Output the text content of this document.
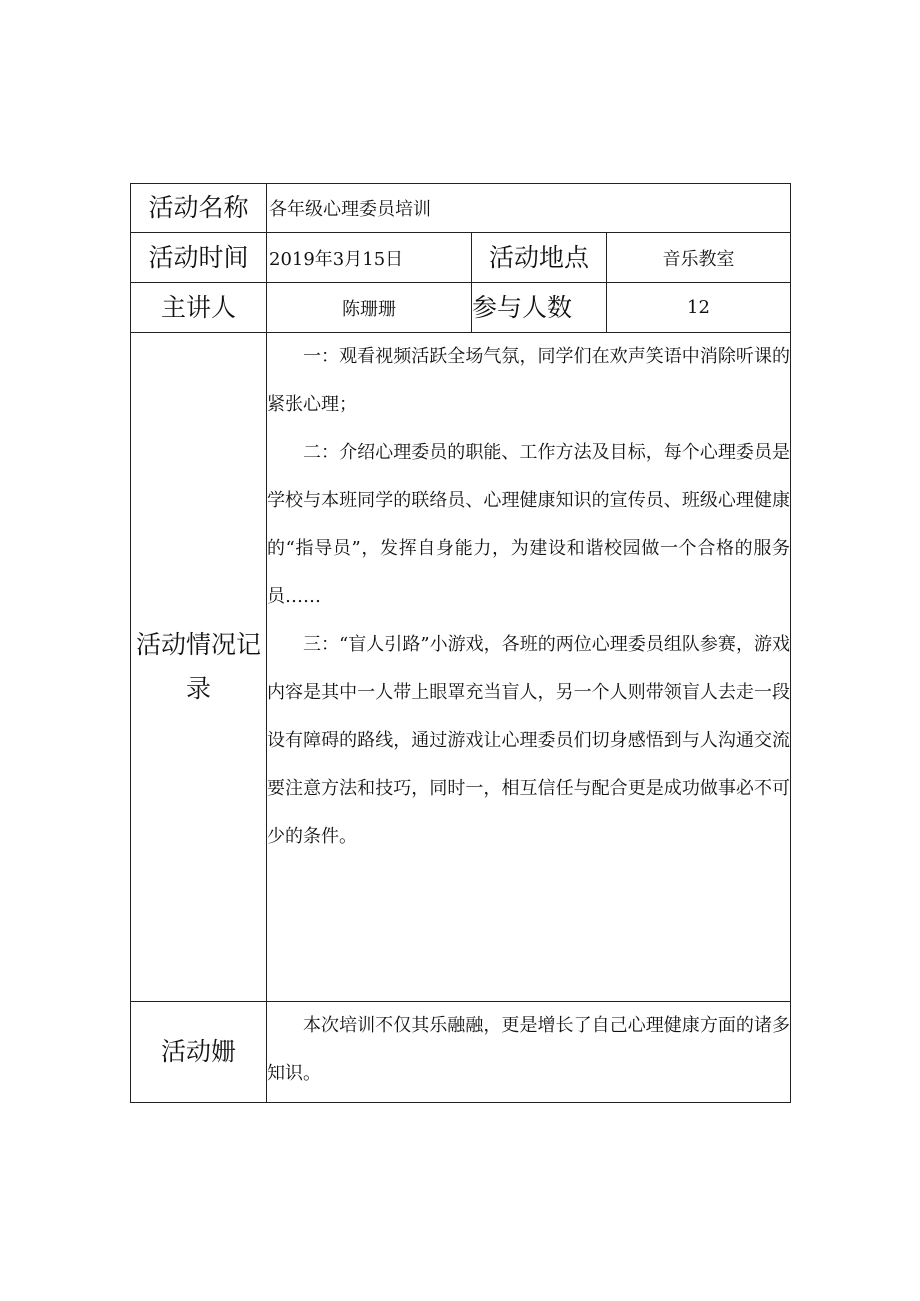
活动名称	各年级心理委员培训		
活动时间	2019年3月15日	活动地点	音乐教室
主讲人	陈珊珊	参与人数	12
活动情况记录	一：观看视频活跃全场气氛，同学们在欢声笑语中消除听课的紧张心理；

二：介绍心理委员的职能、工作方法及目标，每个心理委员是学校与本班同学的联络员、心理健康知识的宣传员、班级心理健康的“指导员”，发挥自身能力，为建设和谐校园做一个合格的服务员……

三：“盲人引路”小游戏，各班的两位心理委员组队参赛，游戏内容是其中一人带上眼罩充当盲人，另一个人则带领盲人去走一段设有障碍的路线，通过游戏让心理委员们切身感悟到与人沟通交流要注意方法和技巧，同时一，相互信任与配合更是成功做事必不可少的条件。		

活动姗	本次培训不仅其乐融融，更是增长了自己心理健康方面的诸多知识。		
